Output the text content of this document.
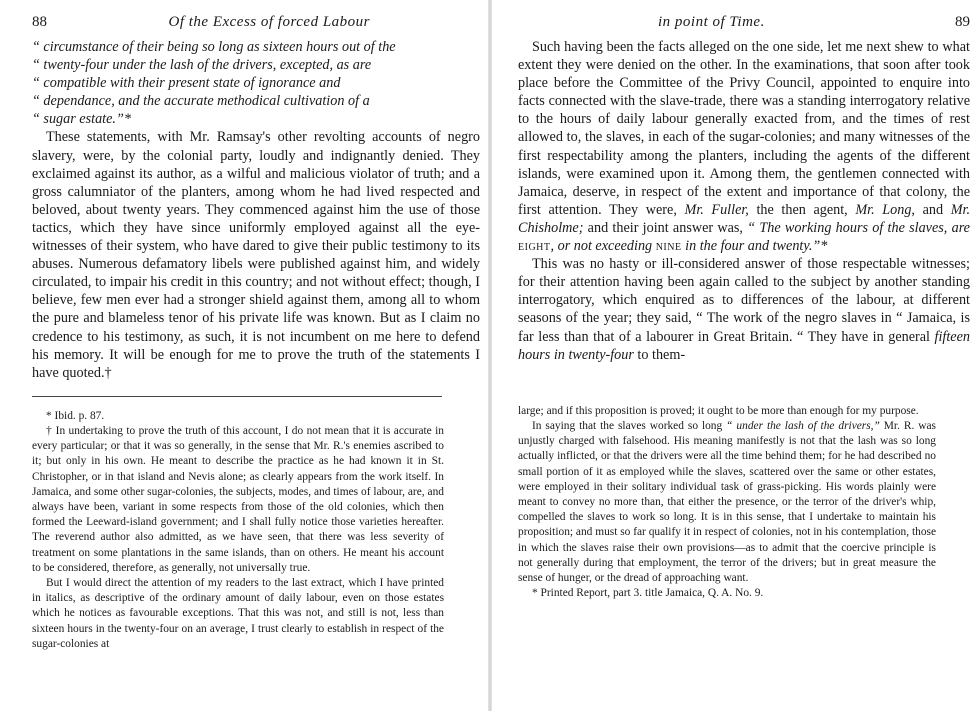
88	Of the Excess of forced Labour

“ circumstance of their being so long as sixteen hours out of the

“ twenty-four under the lash of the drivers, excepted, as are

“ compatible with their present state of ignorance and

“ dependance, and the accurate methodical cultivation of a

“ sugar estate.”*

These statements, with Mr. Ramsay's other revolting accounts of negro slavery, were, by the colonial party, loudly and indignantly denied. They exclaimed against its author, as a wilful and malicious violator of truth; and a gross calumniator of the planters, among whom he had lived respected and beloved, about twenty years. They commenced against him the use of those tactics, which they have since uniformly employed against all the eye-witnesses of their system, who have dared to give their public testimony to its abuses. Numerous defamatory libels were published against him, and widely circulated, to impair his credit in this country; and not without effect; though, I believe, few men ever had a stronger shield against them, among all to whom the pure and blameless tenor of his private life was known. But as I claim no credence to his testimony, as such, it is not incumbent on me here to defend his memory. It will be enough for me to prove the truth of the statements I have quoted.†

* Ibid. p. 87.

† In undertaking to prove the truth of this account, I do not mean that it is accurate in every particular; or that it was so generally, in the sense that Mr. R.'s enemies ascribed to it; but only in his own. He meant to describe the practice as he had known it in St. Christopher, or in that island and Nevis alone; as clearly appears from the work itself. In Jamaica, and some other sugar-colonies, the subjects, modes, and times of labour, are, and always have been, variant in some respects from those of the old colonies, which then formed the Leeward-island government; and I shall fully notice those varieties hereafter. The reverend author also admitted, as we have seen, that there was less severity of treatment on some plantations in the same islands, than on others. He meant his account to be considered, therefore, as generally, not universally true.

But I would direct the attention of my readers to the last extract, which I have printed in italics, as descriptive of the ordinary amount of daily labour, even on those estates which he notices as favourable exceptions. That this was not, and still is not, less than sixteen hours in the twenty-four on an average, I trust clearly to establish in respect of the sugar-colonies at

in point of Time.	89

Such having been the facts alleged on the one side, let me next shew to what extent they were denied on the other. In the examinations, that soon after took place before the Committee of the Privy Council, appointed to enquire into facts connected with the slave-trade, there was a standing interrogatory relative to the hours of daily labour generally exacted from, and the times of rest allowed to, the slaves, in each of the sugar-colonies; and many witnesses of the first respectability among the planters, including the agents of the different islands, were examined upon it. Among them, the gentlemen connected with Jamaica, deserve, in respect of the extent and importance of that colony, the first attention. They were, Mr. Fuller, the then agent, Mr. Long, and Mr. Chisholme; and their joint answer was, “ The working hours of the slaves, are eight, or not exceeding nine in the four and twenty.”*

This was no hasty or ill-considered answer of those respectable witnesses; for their attention having been again called to the subject by another standing interrogatory, which enquired as to differences of the labour, at different seasons of the year; they said, “ The work of the negro slaves in “ Jamaica, is far less than that of a labourer in Great Britain. “ They have in general fifteen hours in twenty-four to them-

large; and if this proposition is proved; it ought to be more than enough for my purpose.

In saying that the slaves worked so long “ under the lash of the drivers,” Mr. R. was unjustly charged with falsehood. His meaning manifestly is not that the lash was so long actually inflicted, or that the drivers were all the time behind them; for he had described no small portion of it as employed while the slaves, scattered over the same or other estates, were employed in their solitary individual task of grass-picking. His words plainly were meant to convey no more than, that either the presence, or the terror of the driver's whip, compelled the slaves to work so long. It is in this sense, that I undertake to maintain his proposition; and must so far qualify it in respect of colonies, not in his contemplation, those in which the slaves raise their own provisions—as to admit that the coercive principle is not generally during that employment, the terror of the drivers; but in great measure the sense of hunger, or the dread of approaching want.

* Printed Report, part 3. title Jamaica, Q. A. No. 9.
